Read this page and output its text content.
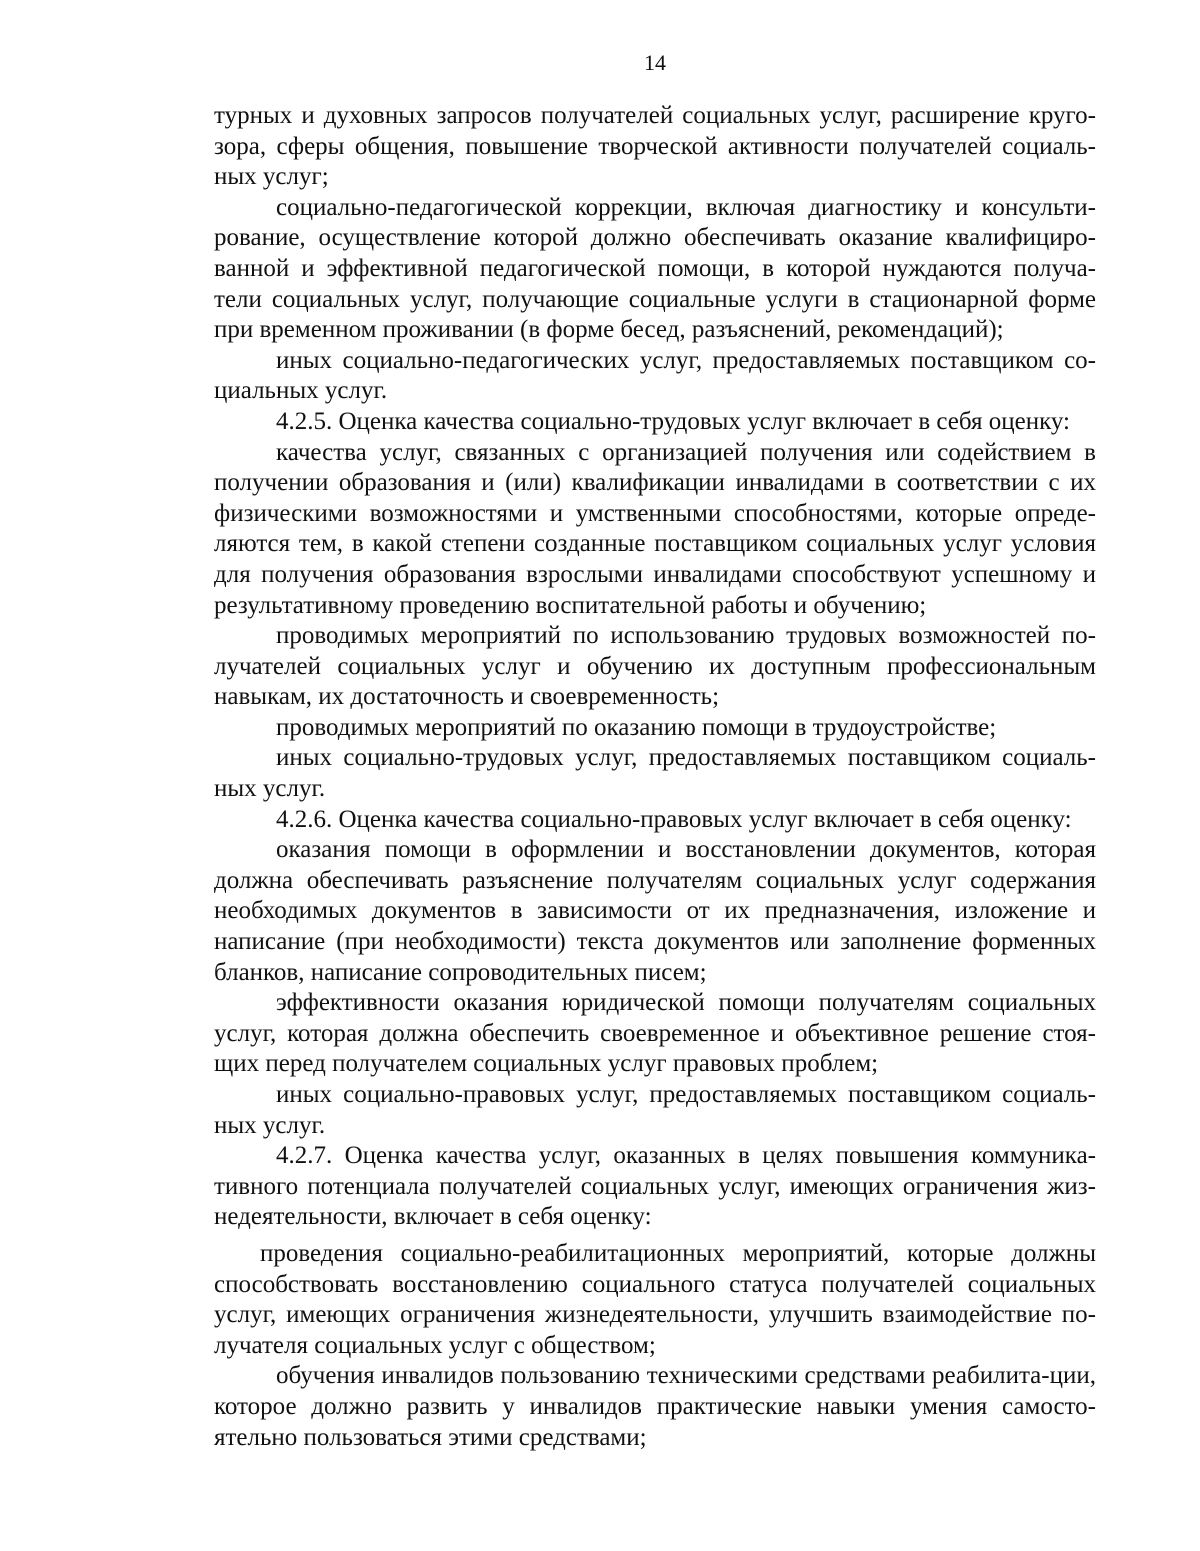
14

турных и духовных запросов получателей социальных услуг, расширение круго-зора, сферы общения, повышение творческой активности получателей социаль-ных услуг;

социально-педагогической коррекции, включая диагностику и консульти-рование, осуществление которой должно обеспечивать оказание квалифициро-ванной и эффективной педагогической помощи, в которой нуждаются получа-тели социальных услуг, получающие социальные услуги в стационарной форме при временном проживании (в форме бесед, разъяснений, рекомендаций);

иных социально-педагогических услуг, предоставляемых поставщиком со-циальных услуг.

4.2.5. Оценка качества социально-трудовых услуг включает в себя оценку:

качества услуг, связанных с организацией получения или содействием в получении образования и (или) квалификации инвалидами в соответствии с их физическими возможностями и умственными способностями, которые опреде-ляются тем, в какой степени созданные поставщиком социальных услуг условия для получения образования взрослыми инвалидами способствуют успешному и результативному проведению воспитательной работы и обучению;

проводимых мероприятий по использованию трудовых возможностей по-лучателей социальных услуг и обучению их доступным профессиональным навыкам, их достаточность и своевременность;

проводимых мероприятий по оказанию помощи в трудоустройстве;

иных социально-трудовых услуг, предоставляемых поставщиком социаль-ных услуг.

4.2.6. Оценка качества социально-правовых услуг включает в себя оценку:

оказания помощи в оформлении и восстановлении документов, которая должна обеспечивать разъяснение получателям социальных услуг содержания необходимых документов в зависимости от их предназначения, изложение и написание (при необходимости) текста документов или заполнение форменных бланков, написание сопроводительных писем;

эффективности оказания юридической помощи получателям социальных услуг, которая должна обеспечить своевременное и объективное решение стоя-щих перед получателем социальных услуг правовых проблем;

иных социально-правовых услуг, предоставляемых поставщиком социаль-ных услуг.

4.2.7. Оценка качества услуг, оказанных в целях повышения коммуника-тивного потенциала получателей социальных услуг, имеющих ограничения жиз-недеятельности, включает в себя оценку:

проведения социально-реабилитационных мероприятий, которые должны способствовать восстановлению социального статуса получателей социальных услуг, имеющих ограничения жизнедеятельности, улучшить взаимодействие по-лучателя социальных услуг с обществом;

обучения инвалидов пользованию техническими средствами реабилита-ции, которое должно развить у инвалидов практические навыки умения самосто-ятельно пользоваться этими средствами;
